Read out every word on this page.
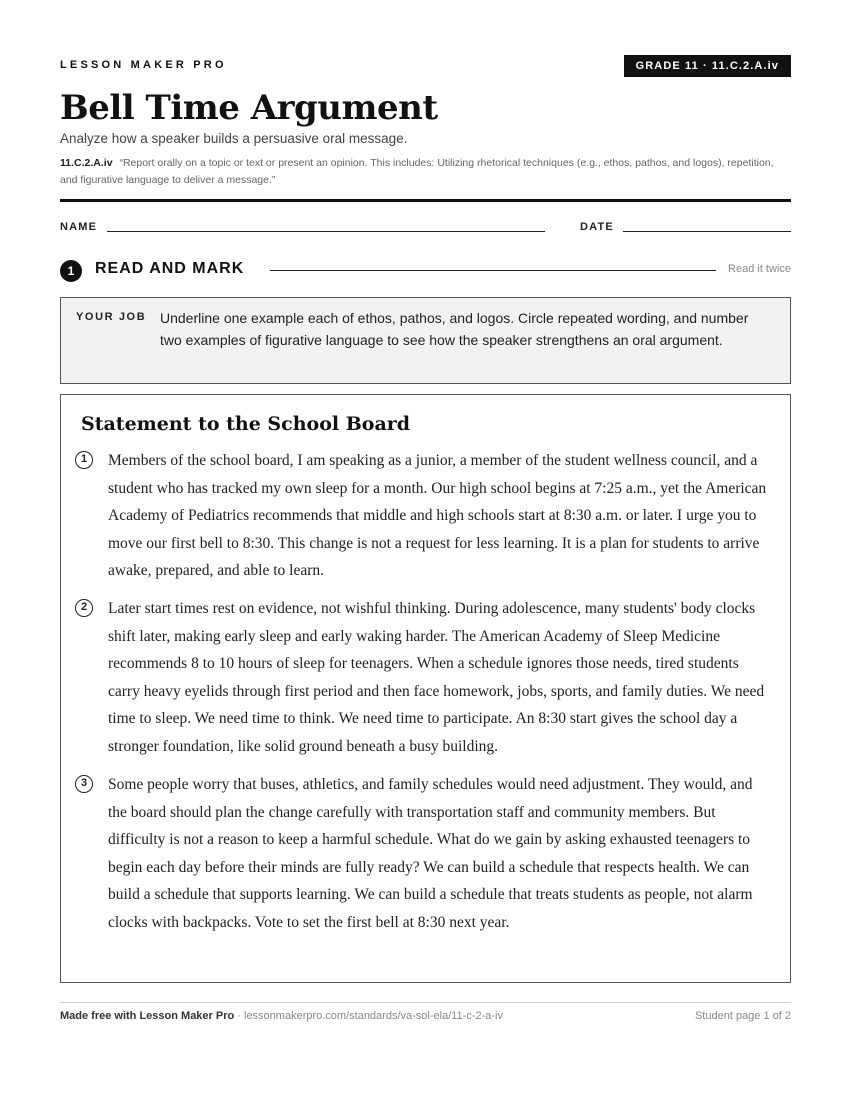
LESSON MAKER PRO	GRADE 11 · 11.C.2.A.iv
Bell Time Argument
Analyze how a speaker builds a persuasive oral message.
11.C.2.A.iv “Report orally on a topic or text or present an opinion. This includes: Utilizing rhetorical techniques (e.g., ethos, pathos, and logos), repetition, and figurative language to deliver a message.”
NAME	DATE
1	READ AND MARK	Read it twice
YOUR JOB Underline one example each of ethos, pathos, and logos. Circle repeated wording, and number two examples of figurative language to see how the speaker strengthens an oral argument.
Statement to the School Board
1	Members of the school board, I am speaking as a junior, a member of the student wellness council, and a student who has tracked my own sleep for a month. Our high school begins at 7:25 a.m., yet the American Academy of Pediatrics recommends that middle and high schools start at 8:30 a.m. or later. I urge you to move our first bell to 8:30. This change is not a request for less learning. It is a plan for students to arrive awake, prepared, and able to learn.
2	Later start times rest on evidence, not wishful thinking. During adolescence, many students' body clocks shift later, making early sleep and early waking harder. The American Academy of Sleep Medicine recommends 8 to 10 hours of sleep for teenagers. When a schedule ignores those needs, tired students carry heavy eyelids through first period and then face homework, jobs, sports, and family duties. We need time to sleep. We need time to think. We need time to participate. An 8:30 start gives the school day a stronger foundation, like solid ground beneath a busy building.
3	Some people worry that buses, athletics, and family schedules would need adjustment. They would, and the board should plan the change carefully with transportation staff and community members. But difficulty is not a reason to keep a harmful schedule. What do we gain by asking exhausted teenagers to begin each day before their minds are fully ready? We can build a schedule that respects health. We can build a schedule that supports learning. We can build a schedule that treats students as people, not alarm clocks with backpacks. Vote to set the first bell at 8:30 next year.
Made free with Lesson Maker Pro · lessonmakerpro.com/standards/va-sol-ela/11-c-2-a-iv	Student page 1 of 2
